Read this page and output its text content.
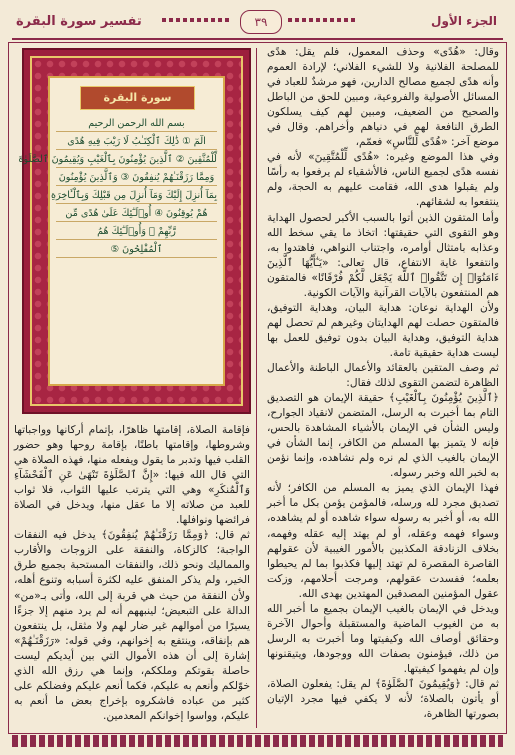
تفسير سورة البقرة	٣٩	الجزء الأول
سورة البقرة
بسم الله الرحمن الرحيم
الٓمٓ ① ذَٰلِكَ ٱلْكِتَـٰبُ لَا رَيْبَ فِيهِ هُدًى
لِّلْمُتَّقِينَ ② ٱلَّذِينَ يُؤْمِنُونَ بِٱلْغَيْبِ وَيُقِيمُونَ ٱلصَّلَوٰةَ
وَمِمَّا رَزَقْنَـٰهُمْ يُنفِقُونَ ③ وَٱلَّذِينَ يُؤْمِنُونَ
بِمَآ أُنزِلَ إِلَيْكَ وَمَآ أُنزِلَ مِن قَبْلِكَ وَبِٱلْـَٔاخِرَةِ
هُمْ يُوقِنُونَ ④ أُو۟لَـٰٓئِكَ عَلَىٰ هُدًى مِّن
رَّبِّهِمْ ۖ وَأُو۟لَـٰٓئِكَ هُمُ
ٱلْمُفْلِحُونَ ⑤

وقال: «هُدًى» وحذف المعمول، فلم يقل: هدًى للمصلحة الفلانية ولا للشيء الفلاني؛ لإرادة العموم وأنه هدًى لجميع مصالح الدارين، فهو مرشدٌ للعباد في المسائل الأصولية والفروعية، ومبين للحق من الباطل والصحيح من الضعيف، ومبين لهم كيف يسلكون الطرق النافعة لهم في دنياهم وأخراهم. وقال في موضع آخر: «هُدًى لِّلنَّاسِ» فعمّم،

وفي هذا الموضع وغيره: «هُدًى لِّلْمُتَّقِينَ» لأنه في نفسه هدًى لجميع الناس، فالأشقياء لم يرفعوا به رأسًا ولم يقبلوا هدى الله، فقامت عليهم به الحجة، ولم ينتفعوا به لشقائهم.

وأما المتقون الذين أتوا بالسبب الأكبر لحصول الهداية وهو التقوى التي حقيقتها: اتخاذ ما يقي سخط الله وعذابه بامتثال أوامره، واجتناب النواهي، فاهتدوا به، وانتفعوا غاية الانتفاع، قال تعالى: «يَـٰٓأَيُّهَا ٱلَّذِينَ ءَامَنُوٓا۟ إِن تَتَّقُوا۟ ٱللَّهَ يَجْعَل لَّكُمْ فُرْقَانًا» فالمتقون هم المنتفعون بالآيات القرآنية والآيات الكونية.

ولأن الهداية نوعان: هداية البيان، وهداية التوفيق، فالمتقون حصلت لهم الهدايتان وغيرهم لم تحصل لهم هداية التوفيق، وهداية البيان بدون توفيق للعمل بها ليست هداية حقيقية تامة.

ثم وصف المتقين بالعقائد والأعمال الباطنة والأعمال الظاهرة لتضمن التقوى لذلك فقال:

﴿ٱلَّذِينَ يُؤْمِنُونَ بِٱلْغَيْبِ﴾ حقيقة الإيمان هو التصديق التام بما أخبرت به الرسل، المتضمن لانقياد الجوارح، وليس الشأن في الإيمان بالأشياء المشاهدة بالحس، فإنه لا يتميز بها المسلم من الكافر، إنما الشأن في الإيمان بالغيب الذي لم نره ولم نشاهده، وإنما نؤمن به لخبر الله وخبر رسوله.

فهذا الإيمان الذي يميز به المسلم من الكافر؛ لأنه تصديق مجرد لله ورسله، فالمؤمن يؤمن بكل ما أخبر الله به، أو أخبر به رسوله سواء شاهده أو لم يشاهده، وسواء فهمه وعقله، أو لم يهتد إليه عقله وفهمه، بخلاف الزنادقة المكذبين بالأمور الغيبية لأن عقولهم القاصرة المقصرة لم تهتد إليها فكذبوا بما لم يحيطوا بعلمه؛ ففسدت عقولهم، ومرجت أحلامهم، وزكت عقول المؤمنين المصدقين المهتدين بهدى الله.

ويدخل في الإيمان بالغيب الإيمان بجميع ما أخبر الله به من الغيوب الماضية والمستقبلة وأحوال الآخرة وحقائق أوصاف الله وكيفيتها وما أخبرت به الرسل من ذلك، فيؤمنون بصفات الله ووجودها، ويتيقنونها وإن لم يفهموا كيفيتها.

ثم قال: ﴿وَيُقِيمُونَ ٱلصَّلَوٰةَ﴾ لم يقل: يفعلون الصلاة، أو يأتون بالصلاة؛ لأنه لا يكفي فيها مجرد الإتيان بصورتها الظاهرة،

فإقامة الصلاة، إقامتها ظاهرًا، بإتمام أركانها وواجباتها وشروطها، وإقامتها باطنًا، بإقامة روحها وهو حضور القلب فيها وتدبر ما يقول ويفعله منها، فهذه الصلاة هي التي قال الله فيها: «إِنَّ ٱلصَّلَوٰةَ تَنْهَىٰ عَنِ ٱلْفَحْشَآءِ وَٱلْمُنكَرِ» وهي التي يترتب عليها الثواب، فلا ثواب للعبد من صلاته إلا ما عقل منها، ويدخل في الصلاة فرائضها ونوافلها.

ثم قال: ﴿وَمِمَّا رَزَقْنَـٰهُمْ يُنفِقُونَ﴾ يدخل فيه النفقات الواجبة؛ كالزكاة، والنفقة على الزوجات والأقارب والمماليك ونحو ذلك، والنفقات المستحبة بجميع طرق الخير، ولم يذكر المنفق عليه لكثرة أسبابه وتنوع أهله، ولأن النفقة من حيث هي قربة إلى الله، وأتى بـ«من» الدالة على التبعيض؛ لينبههم أنه لم يرد منهم إلا جزءًا يسيرًا من أموالهم غير ضار لهم ولا مثقل، بل ينتفعون هم بإنفاقه، وينتفع به إخوانهم، وفي قوله: «رَزَقْنَـٰهُمْ» إشارة إلى أن هذه الأموال التي بين أيديكم ليست حاصلة بقوتكم وملككم، وإنما هي رزق الله الذي خوّلكم وأنعم به عليكم، فكما أنعم عليكم وفضلكم على كثير من عباده فاشكروه بإخراج بعض ما أنعم به عليكم، وواسوا إخوانكم المعدمين.
